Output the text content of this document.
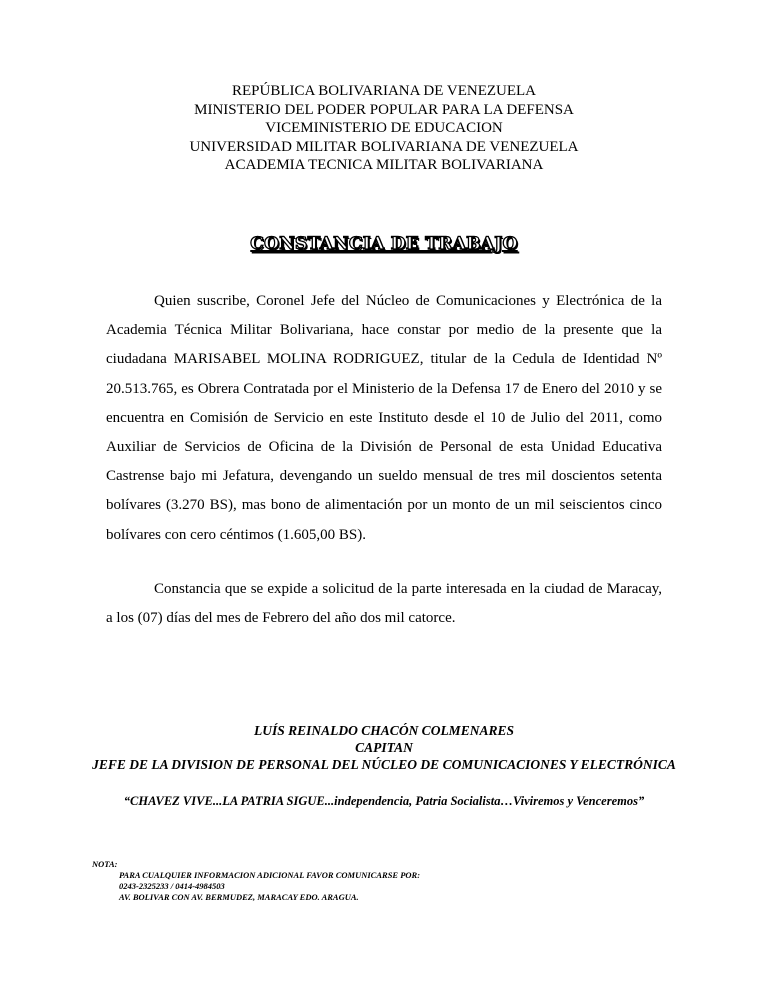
REPÚBLICA BOLIVARIANA DE VENEZUELA
MINISTERIO DEL PODER POPULAR PARA LA DEFENSA
VICEMINISTERIO DE EDUCACION
UNIVERSIDAD MILITAR BOLIVARIANA DE VENEZUELA
ACADEMIA TECNICA MILITAR BOLIVARIANA
CONSTANCIA DE TRABAJO
Quien suscribe, Coronel Jefe del Núcleo de Comunicaciones y Electrónica de la Academia Técnica Militar Bolivariana, hace constar por medio de la presente que la ciudadana MARISABEL MOLINA RODRIGUEZ, titular de la Cedula de Identidad Nº 20.513.765, es Obrera Contratada por el Ministerio de la Defensa 17 de Enero del 2010 y se encuentra en Comisión de Servicio en este Instituto desde el 10 de Julio del 2011, como Auxiliar de Servicios de Oficina de la División de Personal de esta Unidad Educativa Castrense bajo mi Jefatura, devengando un sueldo mensual de tres mil doscientos setenta bolívares (3.270 BS), mas bono de alimentación por un monto de un mil seiscientos cinco bolívares con cero céntimos (1.605,00 BS).
Constancia que se expide a solicitud de la parte interesada en la ciudad de Maracay, a los (07) días del mes de Febrero del año dos mil catorce.
LUÍS REINALDO CHACÓN COLMENARES
CAPITAN
JEFE DE LA DIVISION DE PERSONAL DEL NÚCLEO DE COMUNICACIONES Y ELECTRÓNICA
“CHAVEZ VIVE...LA PATRIA SIGUE...independencia, Patria Socialista…Viviremos y Venceremos”
NOTA:
PARA CUALQUIER INFORMACION ADICIONAL FAVOR COMUNICARSE POR:
0243-2325233 / 0414-4984503
AV. BOLIVAR CON AV. BERMUDEZ, MARACAY EDO. ARAGUA.
